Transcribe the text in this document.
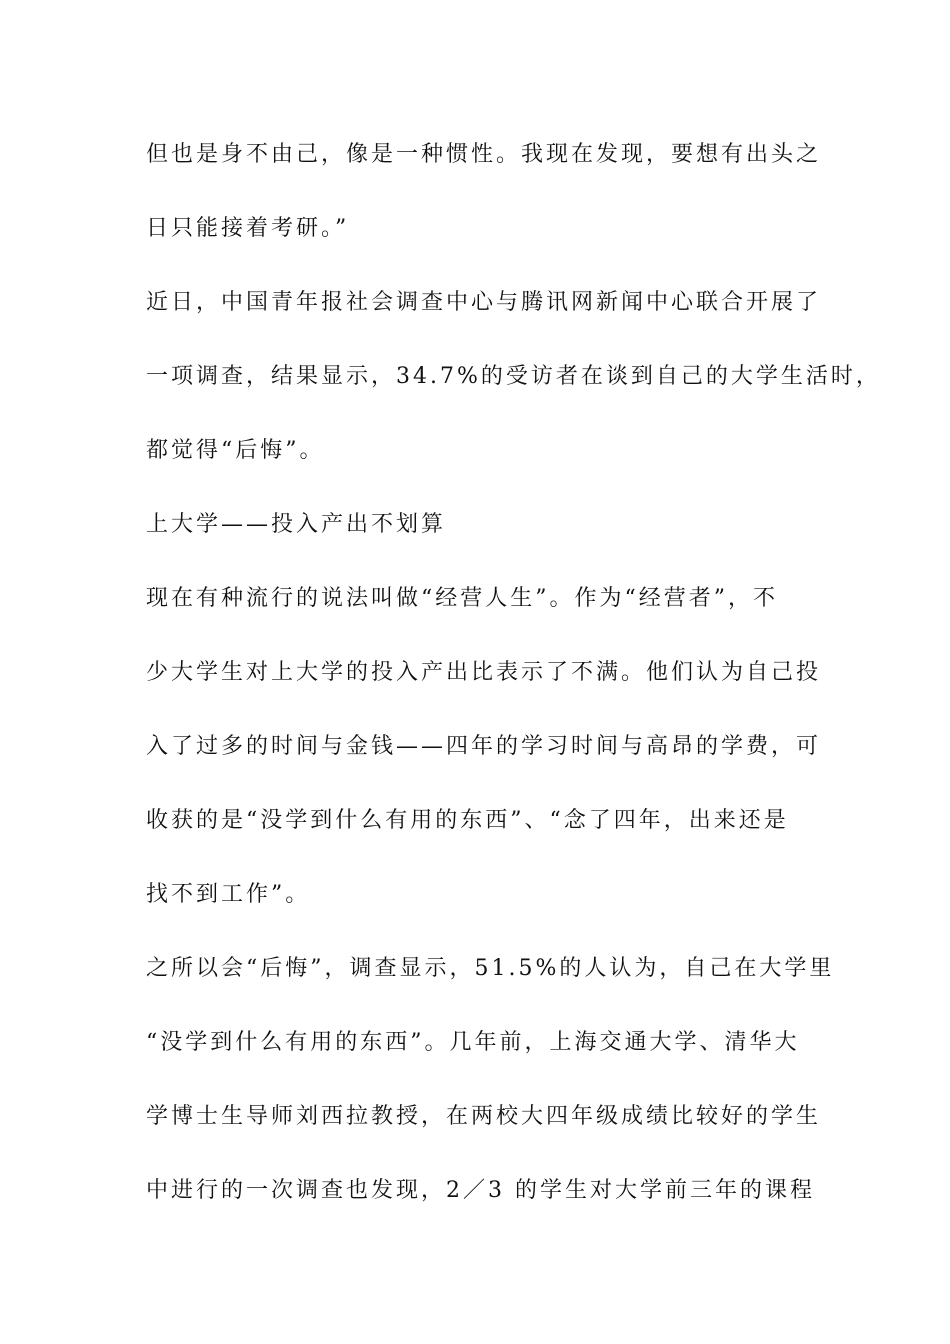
但也是身不由己，像是一种惯性。我现在发现，要想有出头之
日只能接着考研。”
近日，中国青年报社会调查中心与腾讯网新闻中心联合开展了
一项调查，结果显示，34.7%的受访者在谈到自己的大学生活时，
都觉得“后悔”。
上大学——投入产出不划算
现在有种流行的说法叫做“经营人生”。作为“经营者”，不
少大学生对上大学的投入产出比表示了不满。他们认为自己投
入了过多的时间与金钱——四年的学习时间与高昂的学费，可
收获的是“没学到什么有用的东西”、“念了四年，出来还是
找不到工作”。
之所以会“后悔”，调查显示，51.5%的人认为，自己在大学里
“没学到什么有用的东西”。几年前，上海交通大学、清华大
学博士生导师刘西拉教授，在两校大四年级成绩比较好的学生
中进行的一次调查也发现，2／3 的学生对大学前三年的课程
